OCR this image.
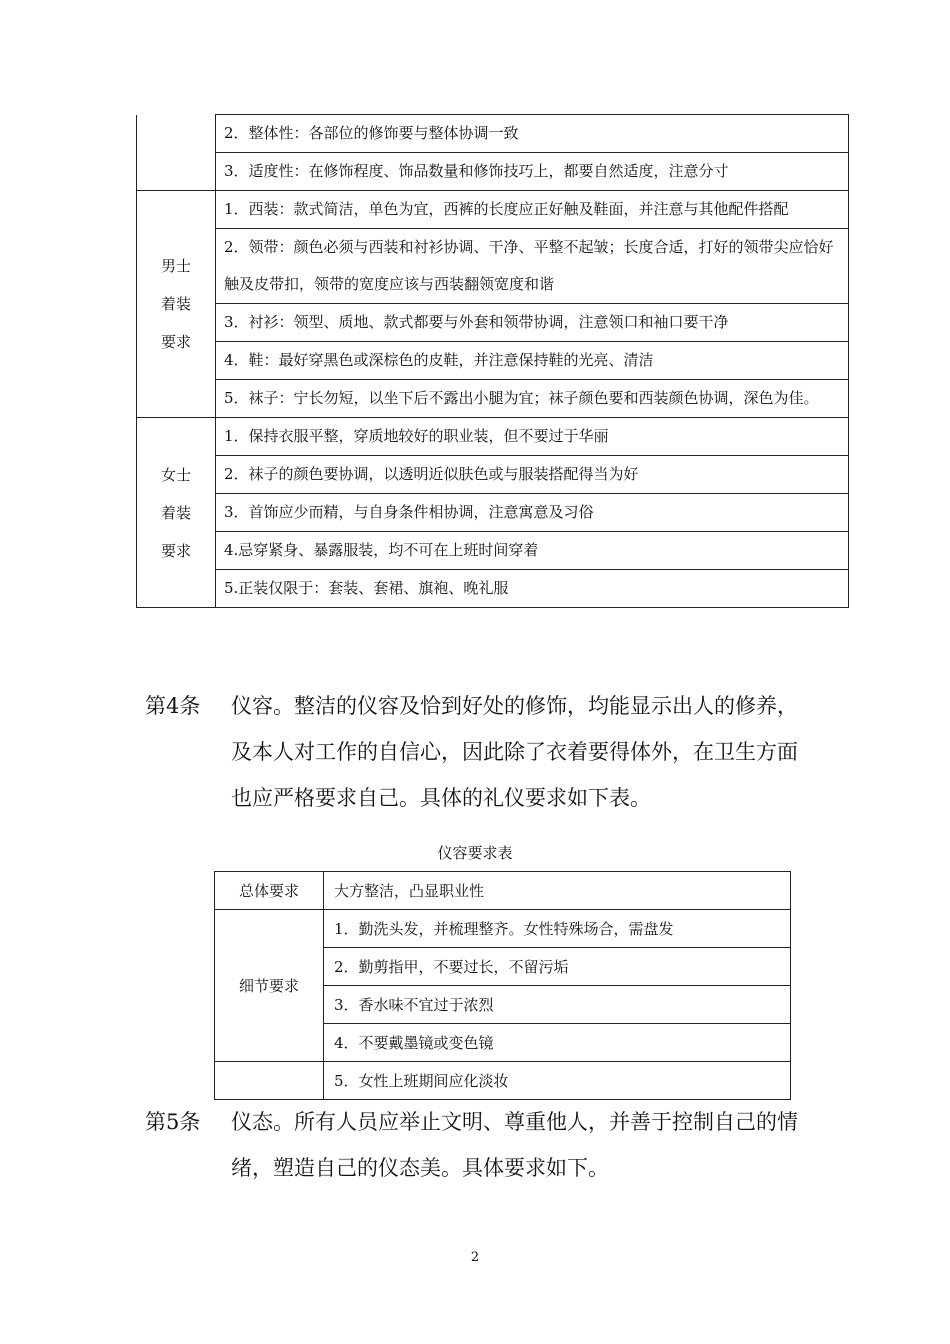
	2．整体性：各部位的修饰要与整体协调一致
	3．适度性：在修饰程度、饰品数量和修饰技巧上，都要自然适度，注意分寸
男士
着装
要求	1．西装：款式简洁，单色为宜，西裤的长度应正好触及鞋面，并注意与其他配件搭配
	2．领带：颜色必须与西装和衬衫协调、干净、平整不起皱；长度合适，打好的领带尖应恰好触及皮带扣，领带的宽度应该与西装翻领宽度和谐
	3．衬衫：领型、质地、款式都要与外套和领带协调，注意领口和袖口要干净
	4．鞋：最好穿黑色或深棕色的皮鞋，并注意保持鞋的光亮、清洁
	5．袜子：宁长勿短，以坐下后不露出小腿为宜；袜子颜色要和西装颜色协调，深色为佳。
女士
着装
要求	1．保持衣服平整，穿质地较好的职业装，但不要过于华丽
	2．袜子的颜色要协调，以透明近似肤色或与服装搭配得当为好
	3．首饰应少而精，与自身条件相协调，注意寓意及习俗
	4.忌穿紧身、暴露服装，均不可在上班时间穿着
	5.正装仅限于：套装、套裙、旗袍、晚礼服
第4条 仪容。整洁的仪容及恰到好处的修饰，均能显示出人的修养，及本人对工作的自信心，因此除了衣着要得体外，在卫生方面也应严格要求自己。具体的礼仪要求如下表。
仪容要求表
总体要求	大方整洁，凸显职业性
细节要求	1．勤洗头发，并梳理整齐。女性特殊场合，需盘发
	2．勤剪指甲，不要过长，不留污垢
	3．香水味不宜过于浓烈
	4．不要戴墨镜或变色镜
	5．女性上班期间应化淡妆
第5条 仪态。所有人员应举止文明、尊重他人，并善于控制自己的情绪，塑造自己的仪态美。具体要求如下。
2
